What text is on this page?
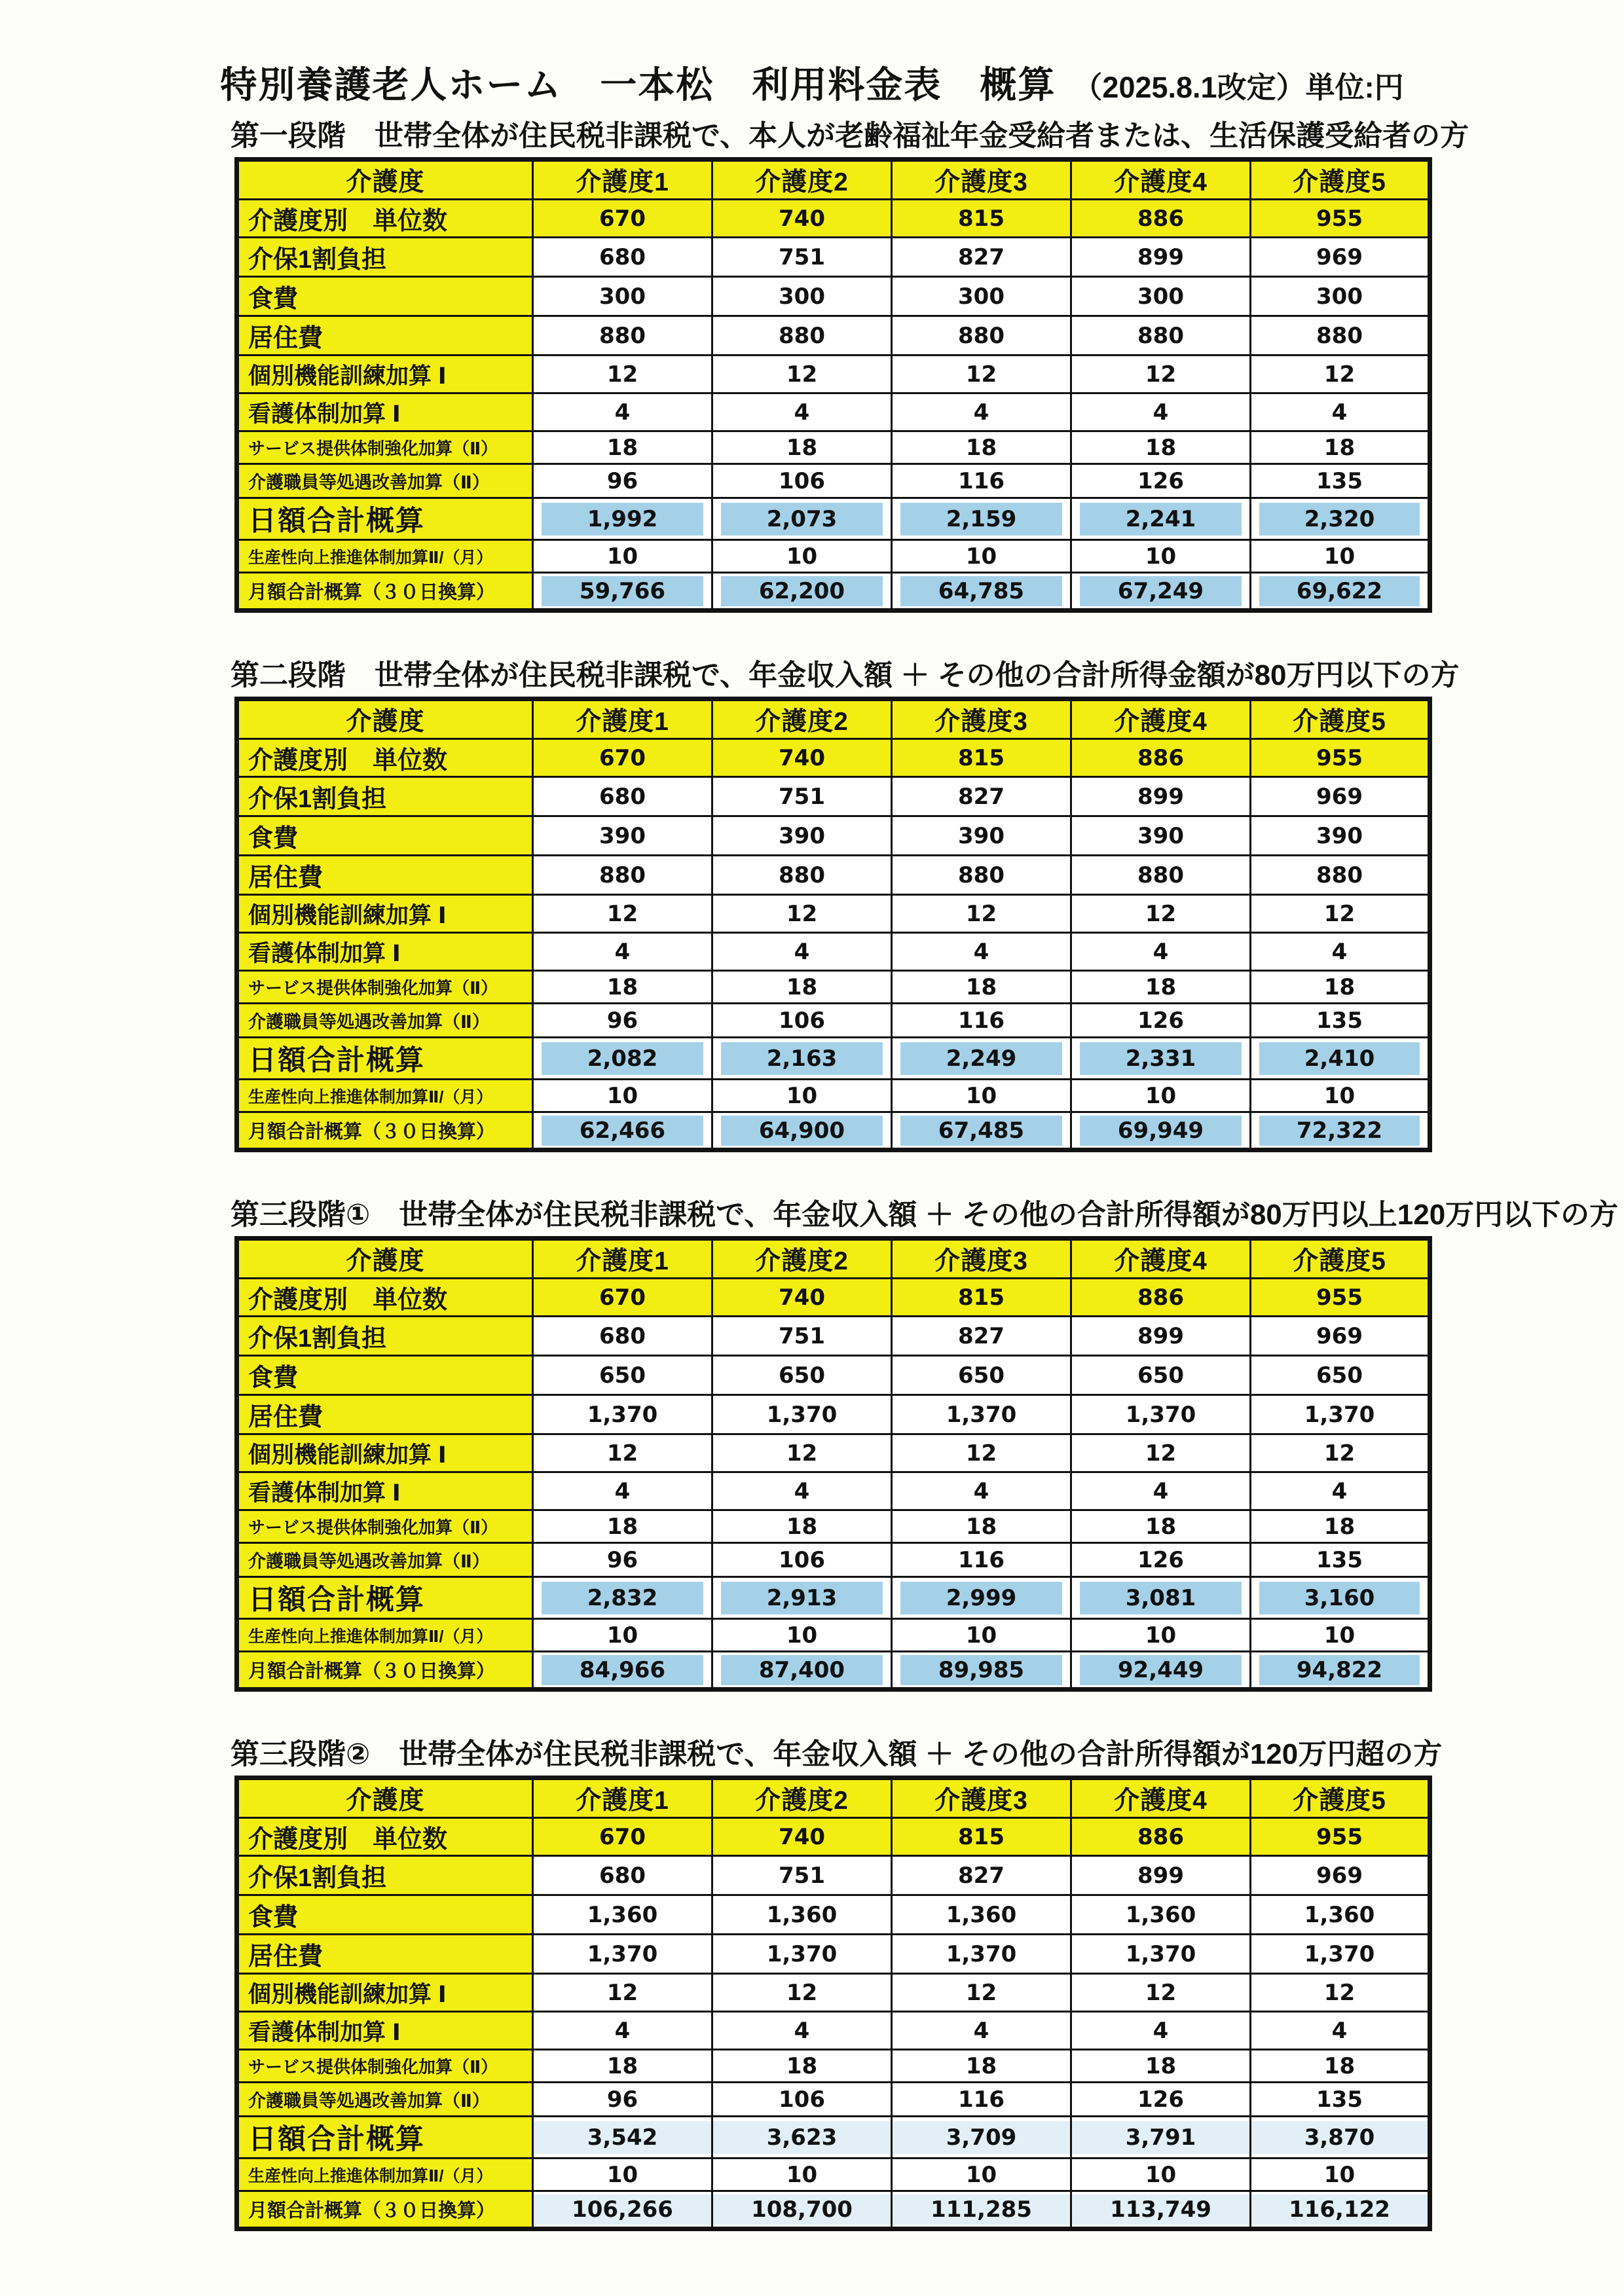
特別養護老人ホーム　一本松　利用料金表　概算 （2025.8.1改定）単位:円
第一段階　世帯全体が住民税非課税で、本人が老齢福祉年金受給者または、生活保護受給者の方
介護度	介護度1	介護度2	介護度3	介護度4	介護度5
介護度別　単位数	670	740	815	886	955
介保1割負担	680	751	827	899	969
食費	300	300	300	300	300
居住費	880	880	880	880	880
個別機能訓練加算 Ⅰ	12	12	12	12	12
看護体制加算 Ⅰ	4	4	4	4	4
サービス提供体制強化加算（Ⅱ）	18	18	18	18	18
介護職員等処遇改善加算（Ⅱ）	96	106	116	126	135
日額合計概算	1,992	2,073	2,159	2,241	2,320

生産性向上推進体制加算Ⅱ/（月）	10	10	10	10	10
月額合計概算（３０日換算）	59,766	62,200	64,785	67,249	69,622
第二段階　世帯全体が住民税非課税で、年金収入額 ＋ その他の合計所得金額が80万円以下の方
介護度	介護度1	介護度2	介護度3	介護度4	介護度5
介護度別　単位数	670	740	815	886	955
介保1割負担	680	751	827	899	969
食費	390	390	390	390	390
居住費	880	880	880	880	880
個別機能訓練加算 Ⅰ	12	12	12	12	12
看護体制加算 Ⅰ	4	4	4	4	4
サービス提供体制強化加算（Ⅱ）	18	18	18	18	18
介護職員等処遇改善加算（Ⅱ）	96	106	116	126	135
日額合計概算	2,082	2,163	2,249	2,331	2,410

生産性向上推進体制加算Ⅱ/（月）	10	10	10	10	10
月額合計概算（３０日換算）	62,466	64,900	67,485	69,949	72,322
第三段階①　世帯全体が住民税非課税で、年金収入額 ＋ その他の合計所得額が80万円以上120万円以下の方
介護度	介護度1	介護度2	介護度3	介護度4	介護度5
介護度別　単位数	670	740	815	886	955
介保1割負担	680	751	827	899	969
食費	650	650	650	650	650
居住費	1,370	1,370	1,370	1,370	1,370
個別機能訓練加算 Ⅰ	12	12	12	12	12
看護体制加算 Ⅰ	4	4	4	4	4
サービス提供体制強化加算（Ⅱ）	18	18	18	18	18
介護職員等処遇改善加算（Ⅱ）	96	106	116	126	135
日額合計概算	2,832	2,913	2,999	3,081	3,160

生産性向上推進体制加算Ⅱ/（月）	10	10	10	10	10
月額合計概算（３０日換算）	84,966	87,400	89,985	92,449	94,822
第三段階②　世帯全体が住民税非課税で、年金収入額 ＋ その他の合計所得額が120万円超の方
介護度	介護度1	介護度2	介護度3	介護度4	介護度5
介護度別　単位数	670	740	815	886	955
介保1割負担	680	751	827	899	969
食費	1,360	1,360	1,360	1,360	1,360
居住費	1,370	1,370	1,370	1,370	1,370
個別機能訓練加算 Ⅰ	12	12	12	12	12
看護体制加算 Ⅰ	4	4	4	4	4
サービス提供体制強化加算（Ⅱ）	18	18	18	18	18
介護職員等処遇改善加算（Ⅱ）	96	106	116	126	135
日額合計概算	3,542	3,623	3,709	3,791	3,870

生産性向上推進体制加算Ⅱ/（月）	10	10	10	10	10
月額合計概算（３０日換算）	106,266	108,700	111,285	113,749	116,122
